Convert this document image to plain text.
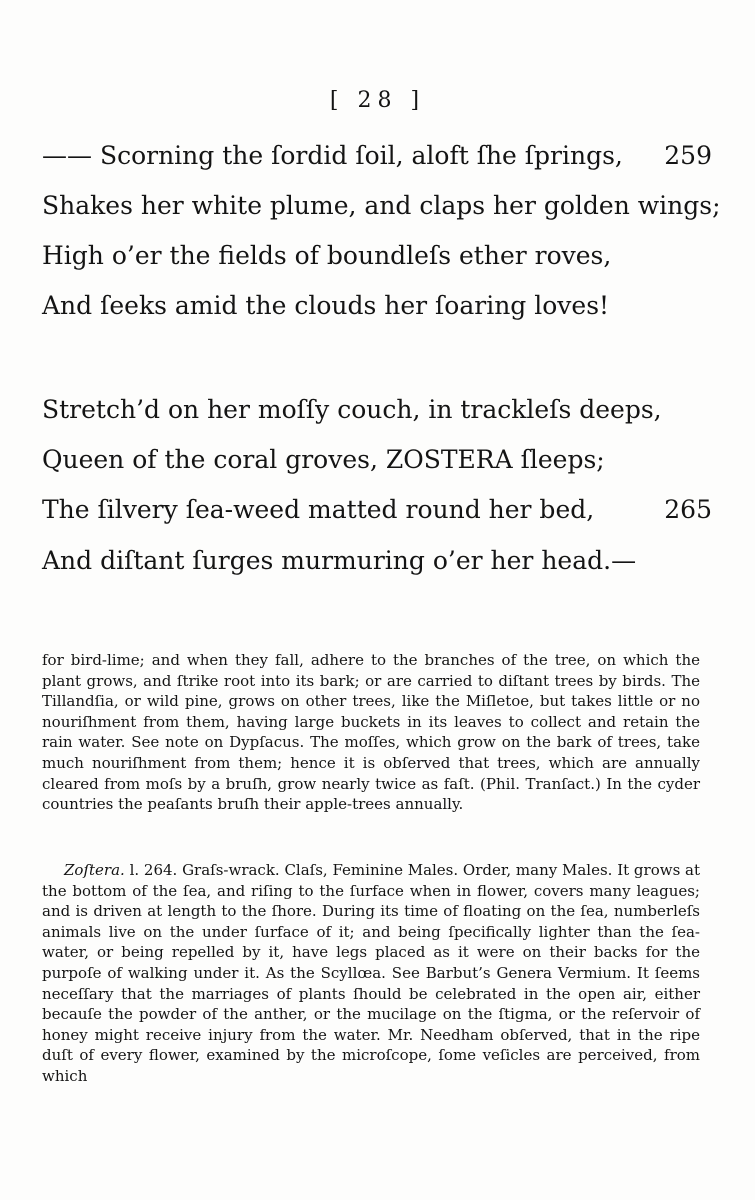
[ 28 ]
—— Scorning the ſordid ſoil, aloft ſhe ſprings, 259
Shakes her white plume, and claps her golden wings;
High o’er the fields of boundleſs ether roves,
And ſeeks amid the clouds her ſoaring loves!
Stretch’d on her moſſy couch, in trackleſs deeps,
Queen of the coral groves, ZOSTERA ſleeps;
The ſilvery ſea-weed matted round her bed,	265
And diſtant ſurges murmuring o’er her head.—

for bird-lime; and when they fall, adhere to the branches of the tree, on which the plant grows, and ſtrike root into its bark; or are carried to diſtant trees by birds. The Tillandſia, or wild pine, grows on other trees, like the Miſletoe, but takes little or no nouriſhment from them, having large buckets in its leaves to collect and retain the rain water. See note on Dypſacus. The moſſes, which grow on the bark of trees, take much nouriſhment from them; hence it is obſerved that trees, which are annually cleared from moſs by a bruſh, grow nearly twice as faſt. (Phil. Tranſact.) In the cyder countries the peaſants bruſh their apple-trees annually.

Zoſtera. l. 264. Graſs-wrack. Claſs, Feminine Males. Order, many Males. It grows at the bottom of the ſea, and riſing to the ſurface when in flower, covers many leagues; and is driven at length to the ſhore. During its time of floating on the ſea, numberleſs animals live on the under ſurface of it; and being ſpecifically lighter than the ſea-water, or being repelled by it, have legs placed as it were on their backs for the purpoſe of walking under it. As the Scyllœa. See Barbut’s Genera Vermium. It ſeems neceſſary that the marriages of plants ſhould be celebrated in the open air, either becauſe the powder of the anther, or the mucilage on the ſtigma, or the reſervoir of honey might receive injury from the water. Mr. Needham obſerved, that in the ripe duſt of every flower, examined by the microſcope, ſome veſicles are perceived, from which
